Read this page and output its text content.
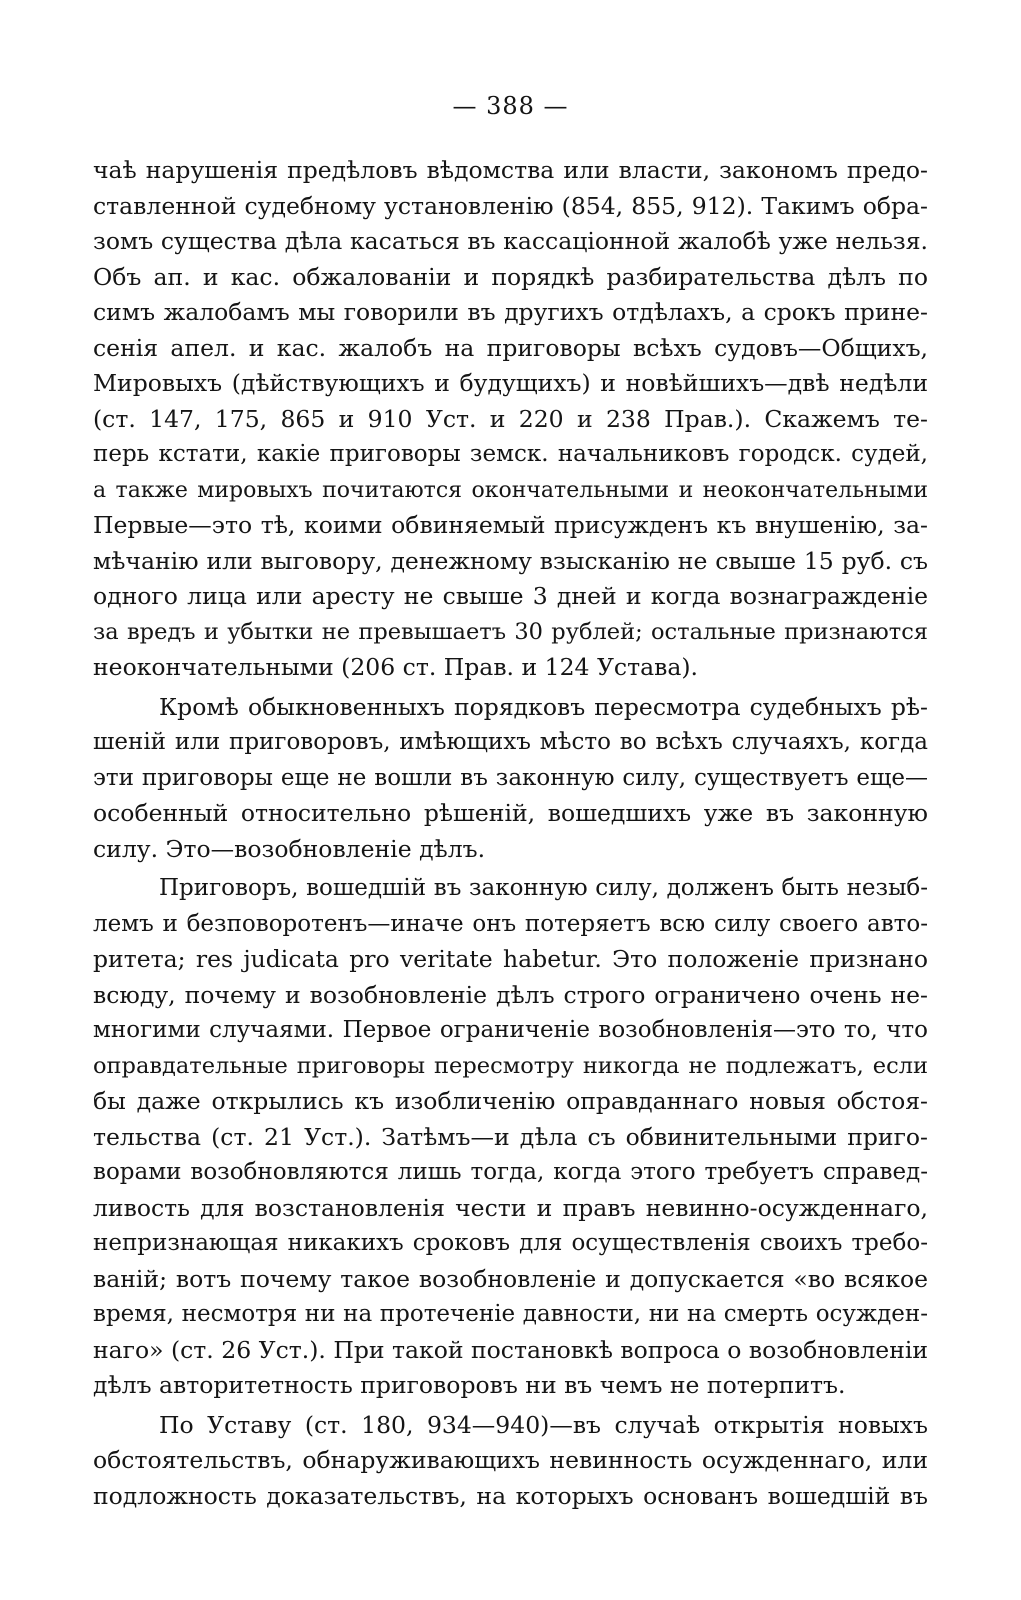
— 388 —
чаѣ нарушенія предѣловъ вѣдомства или власти, закономъ предо-
ставленной судебному установленію (854, 855, 912). Такимъ обра-
зомъ существа дѣла касаться въ кассаціонной жалобѣ уже нельзя.
Объ ап. и кас. обжалованіи и порядкѣ разбирательства дѣлъ по
симъ жалобамъ мы говорили въ другихъ отдѣлахъ, а срокъ прине-
сенія апел. и кас. жалобъ на приговоры всѣхъ судовъ—Общихъ,
Мировыхъ (дѣйствующихъ и будущихъ) и новѣйшихъ—двѣ недѣли
(ст. 147, 175, 865 и 910 Уст. и 220 и 238 Прав.). Скажемъ те-
перь кстати, какіе приговоры земск. начальниковъ городск. судей,
а также мировыхъ почитаются окончательными и неокончательными
Первые—это тѣ, коими обвиняемый присужденъ къ внушенію, за-
мѣчанію или выговору, денежному взысканію не свыше 15 руб. съ
одного лица или аресту не свыше 3 дней и когда вознагражденіе
за вредъ и убытки не превышаетъ 30 рублей; остальные признаются
неокончательными (206 ст. Прав. и 124 Устава).
Кромѣ обыкновенныхъ порядковъ пересмотра судебныхъ рѣ-
шеній или приговоровъ, имѣющихъ мѣсто во всѣхъ случаяхъ, когда
эти приговоры еще не вошли въ законную силу, существуетъ еще—
особенный относительно рѣшеній, вошедшихъ уже въ законную
силу. Это—возобновленіе дѣлъ.
Приговоръ, вошедшій въ законную силу, долженъ быть незыб-
лемъ и безповоротенъ—иначе онъ потеряетъ всю силу своего авто-
ритета; res judicata pro veritate habetur. Это положеніе признано
всюду, почему и возобновленіе дѣлъ строго ограничено очень не-
многими случаями. Первое ограниченіе возобновленія—это то, что
оправдательные приговоры пересмотру никогда не подлежатъ, если
бы даже открылись къ изобличенію оправданнаго новыя обстоя-
тельства (ст. 21 Уст.). Затѣмъ—и дѣла съ обвинительными приго-
ворами возобновляются лишь тогда, когда этого требуетъ справед-
ливость для возстановленія чести и правъ невинно-осужденнаго,
непризнающая никакихъ сроковъ для осуществленія своихъ требо-
ваній; вотъ почему такое возобновленіе и допускается «во всякое
время, несмотря ни на протеченіе давности, ни на смерть осужден-
наго» (ст. 26 Уст.). При такой постановкѣ вопроса о возобновленіи
дѣлъ авторитетность приговоровъ ни въ чемъ не потерпитъ.
По Уставу (ст. 180, 934—940)—въ случаѣ открытія новыхъ
обстоятельствъ, обнаруживающихъ невинность осужденнаго, или
подложность доказательствъ, на которыхъ основанъ вошедшій въ
